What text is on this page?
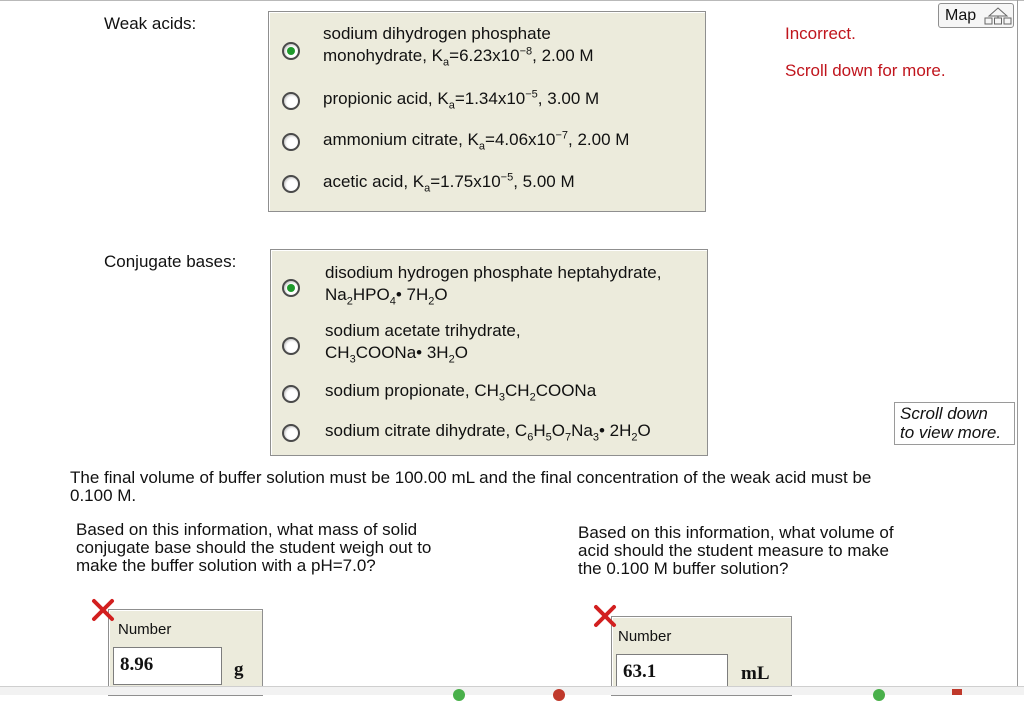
Weak acids:
sodium dihydrogen phosphate
monohydrate, $K_a=6.23x10^{-8}$, 2.00 M
propionic acid, $K_a=1.34x10^{-5}$, 3.00 M
ammonium citrate, $K_a=4.06x10^{-7}$, 2.00 M
acetic acid, $K_a=1.75x10^{-5}$, 5.00 M
Incorrect.
Scroll down for more.
Map
Conjugate bases:
disodium hydrogen phosphate heptahydrate,
$Na_2HPO_4•$ $7H_2O$
sodium acetate trihydrate,
$CH_3COONa•$ $3H_2O$
sodium propionate, $CH_3CH_2COONa$
sodium citrate dihydrate, $C_6H_5O_7Na_3•$ $2H_2O$
Scroll down
to view more.
The final volume of buffer solution must be 100.00 mL and the final concentration of the weak acid must be
0.100 M.
Based on this information, what mass of solid
conjugate base should the student weigh out to
make the buffer solution with a pH=7.0?
Based on this information, what volume of
acid should the student measure to make
the 0.100 M buffer solution?
Number
8.96	g
Number
63.1	mL
